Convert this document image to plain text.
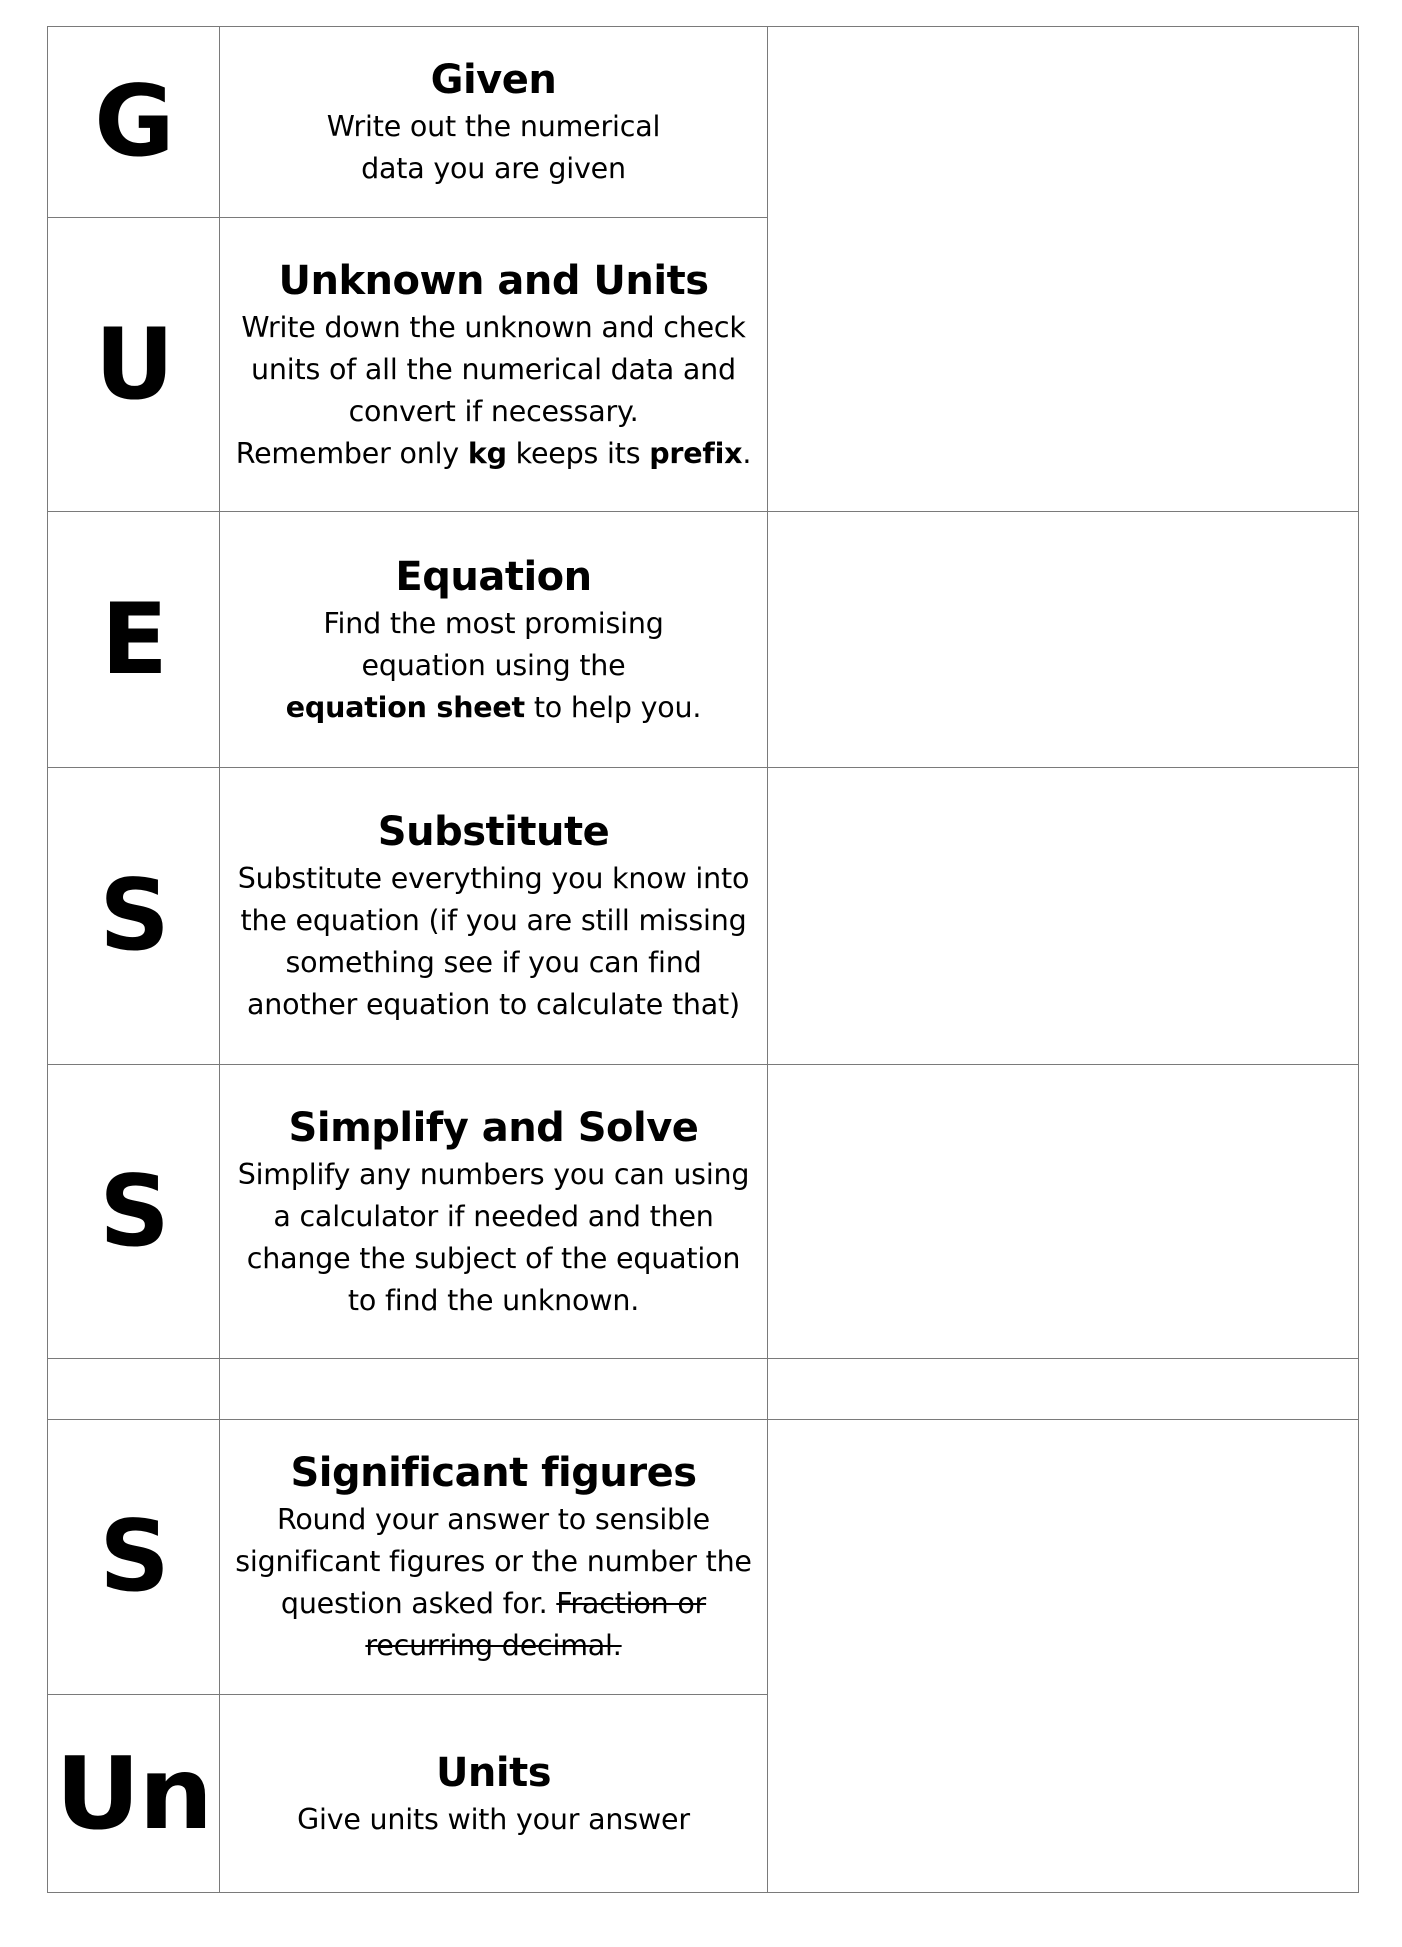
G	Given
Write out the numerical
data you are given	

U	Unknown and Units
Write down the unknown and check
units of all the numerical data and
convert if necessary.
Remember only kg keeps its prefix.	

E	Equation
Find the most promising
equation using the
equation sheet to help you.	

S	Substitute
Substitute everything you know into
the equation (if you are still missing
something see if you can find
another equation to calculate that)	

S	Simplify and Solve
Simplify any numbers you can using
a calculator if needed and then
change the subject of the equation
to find the unknown.	

S	Significant figures
Round your answer to sensible
significant figures or the number the
question asked for. Fraction or
recurring decimal.	

Un	Units
Give units with your answer	
